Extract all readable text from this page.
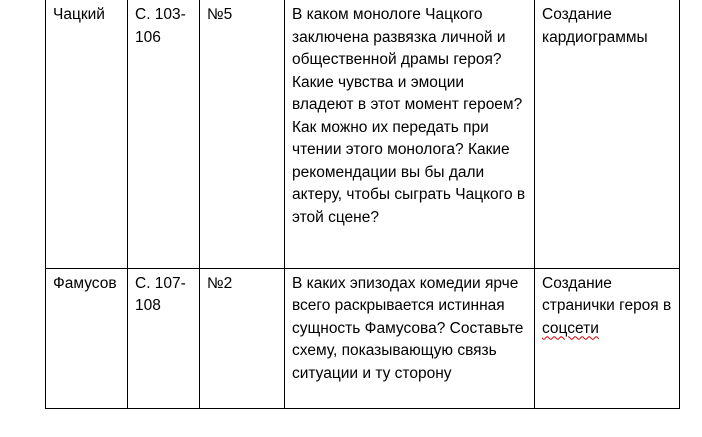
Чацкий	С. 103-106	№5	В каком монологе Чацкого заключена развязка личной и общественной драмы героя? Какие чувства и эмоции владеют в этот момент героем? Как можно их передать при чтении этого монолога? Какие рекомендации вы бы дали актеру, чтобы сыграть Чацкого в этой сцене?	Создание кардиограммы

Фамусов	С. 107-108	№2	В каких эпизодах комедии ярче всего раскрывается истинная сущность Фамусова? Составьте схему, показывающую связь ситуации и ту сторону	Создание странички героя в соцсети
